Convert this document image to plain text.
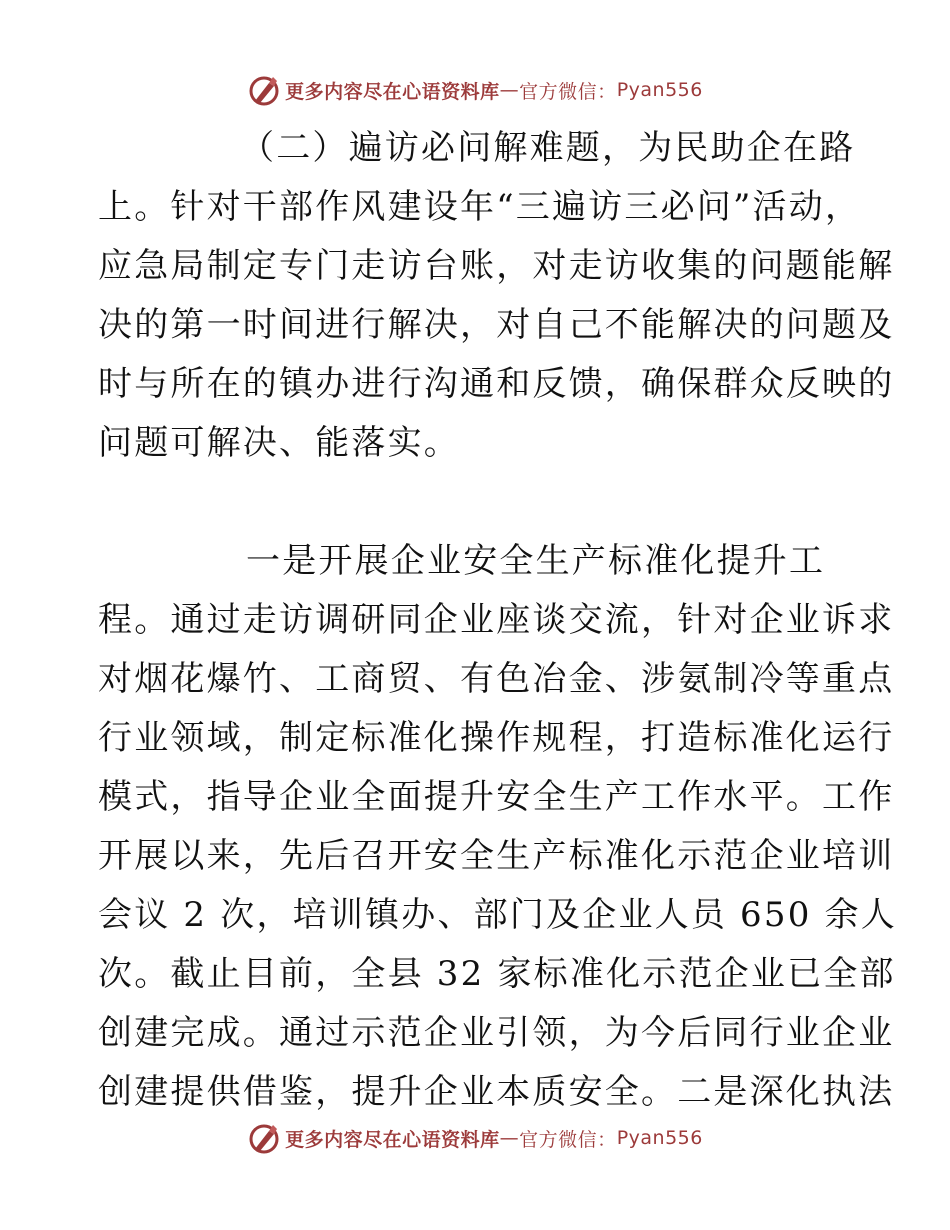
更多内容尽在心语资料库 — 官方微信： Pyan556
（二）遍访必问解难题，为民助企在路
上。针对干部作风建设年“三遍访三必问”活动，
应急局制定专门走访台账，对走访收集的问题能解
决的第一时间进行解决，对自己不能解决的问题及
时与所在的镇办进行沟通和反馈，确保群众反映的
问题可解决、能落实。
一是开展企业安全生产标准化提升工
程。通过走访调研同企业座谈交流，针对企业诉求
对烟花爆竹、工商贸、有色冶金、涉氨制冷等重点
行业领域，制定标准化操作规程，打造标准化运行
模式，指导企业全面提升安全生产工作水平。工作
开展以来，先后召开安全生产标准化示范企业培训
会议 2 次，培训镇办、部门及企业人员 650 余人
次。截止目前，全县 32 家标准化示范企业已全部
创建完成。通过示范企业引领，为今后同行业企业
创建提供借鉴，提升企业本质安全。二是深化执法
更多内容尽在心语资料库 — 官方微信： Pyan556
